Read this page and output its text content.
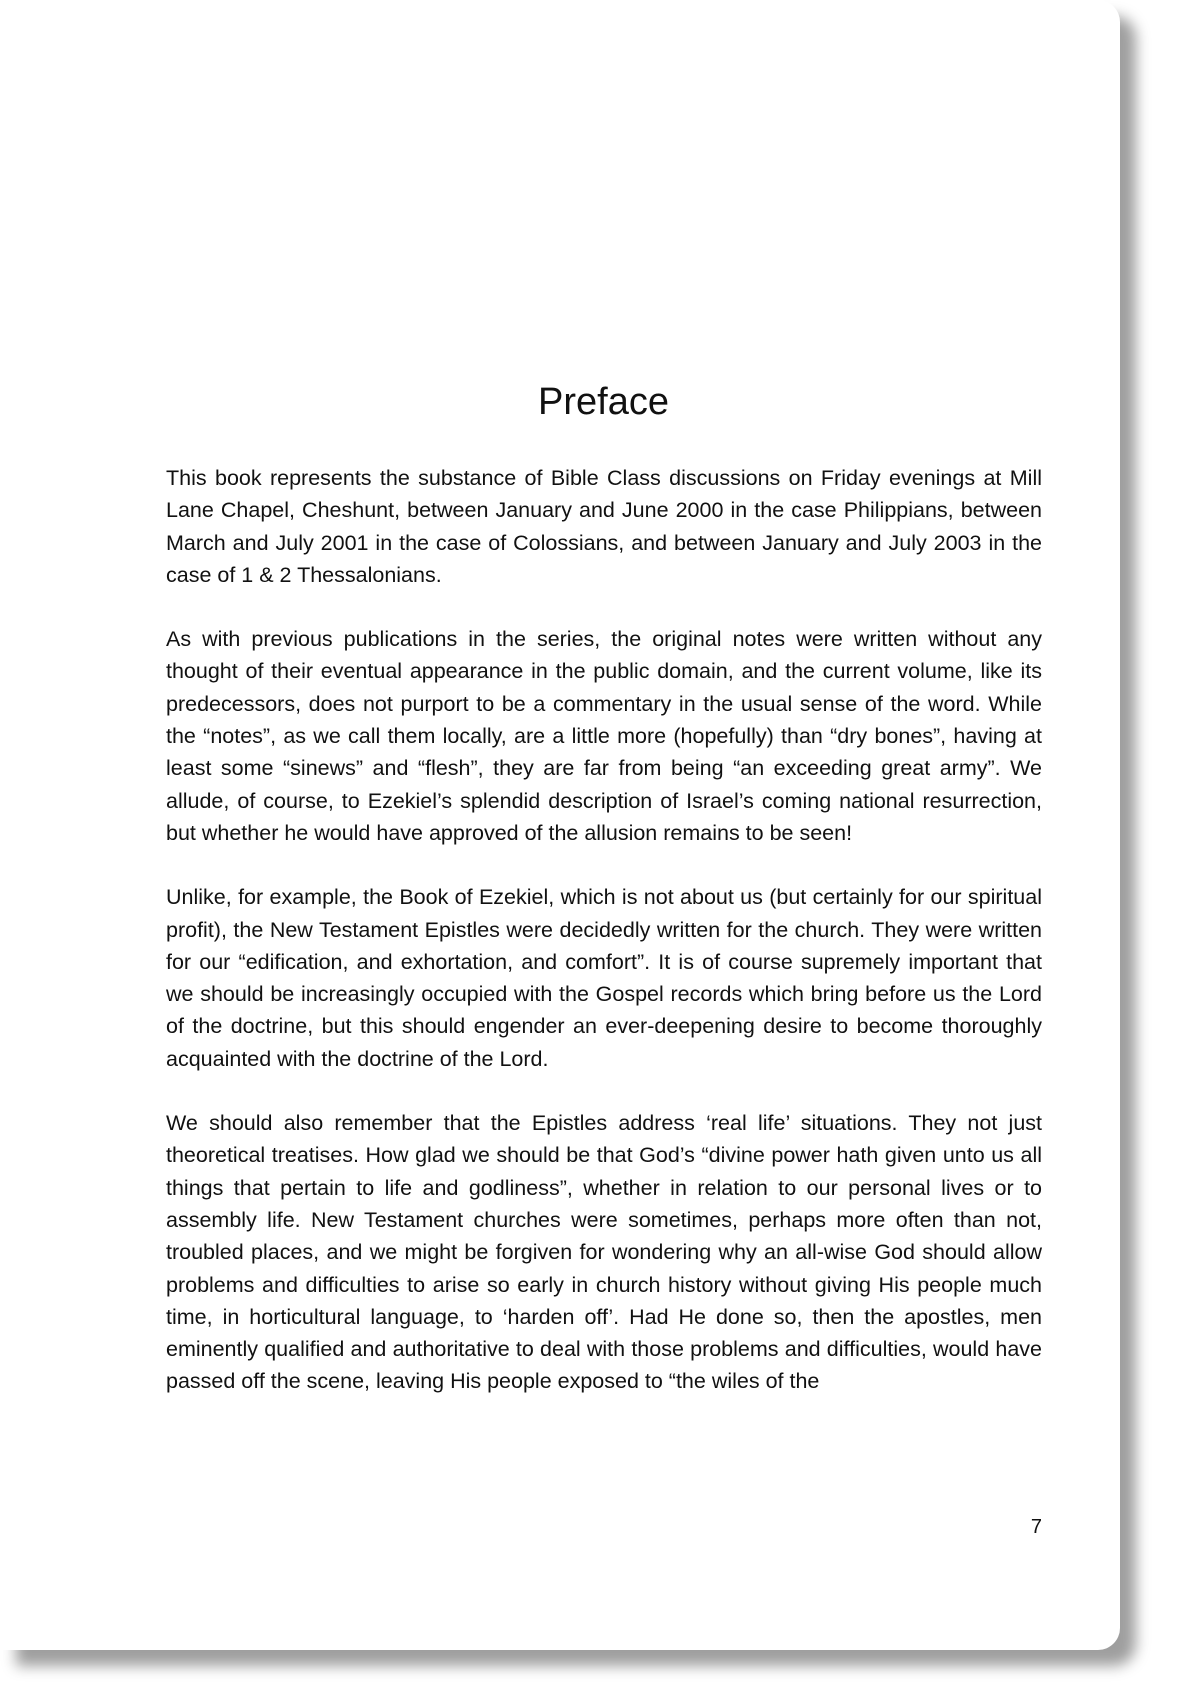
Preface

This book represents the substance of Bible Class discussions on Friday evenings at Mill Lane Chapel, Cheshunt, between January and June 2000 in the case Philippians, between March and July 2001 in the case of Colossians, and between January and July 2003 in the case of 1 & 2 Thessalonians.

As with previous publications in the series, the original notes were written without any thought of their eventual appearance in the public domain, and the current volume, like its predecessors, does not purport to be a commentary in the usual sense of the word. While the “notes”, as we call them locally, are a little more (hopefully) than “dry bones”, having at least some “sinews” and “flesh”, they are far from being “an exceeding great army”. We allude, of course, to Ezekiel’s splendid description of Israel’s coming national resurrection, but whether he would have approved of the allusion remains to be seen!

Unlike, for example, the Book of Ezekiel, which is not about us (but certainly for our spiritual profit), the New Testament Epistles were decidedly written for the church. They were written for our “edification, and exhortation, and comfort”. It is of course supremely important that we should be increasingly occupied with the Gospel records which bring before us the Lord of the doctrine, but this should engender an ever-deepening desire to become thoroughly acquainted with the doctrine of the Lord.

We should also remember that the Epistles address ‘real life’ situations. They not just theoretical treatises. How glad we should be that God’s “divine power hath given unto us all things that pertain to life and godliness”, whether in relation to our personal lives or to assembly life. New Testament churches were sometimes, perhaps more often than not, troubled places, and we might be forgiven for wondering why an all-wise God should allow problems and difficulties to arise so early in church history without giving His people much time, in horticultural language, to ‘harden off’. Had He done so, then the apostles, men eminently qualified and authoritative to deal with those problems and difficulties, would have passed off the scene, leaving His people exposed to “the wiles of the

7
